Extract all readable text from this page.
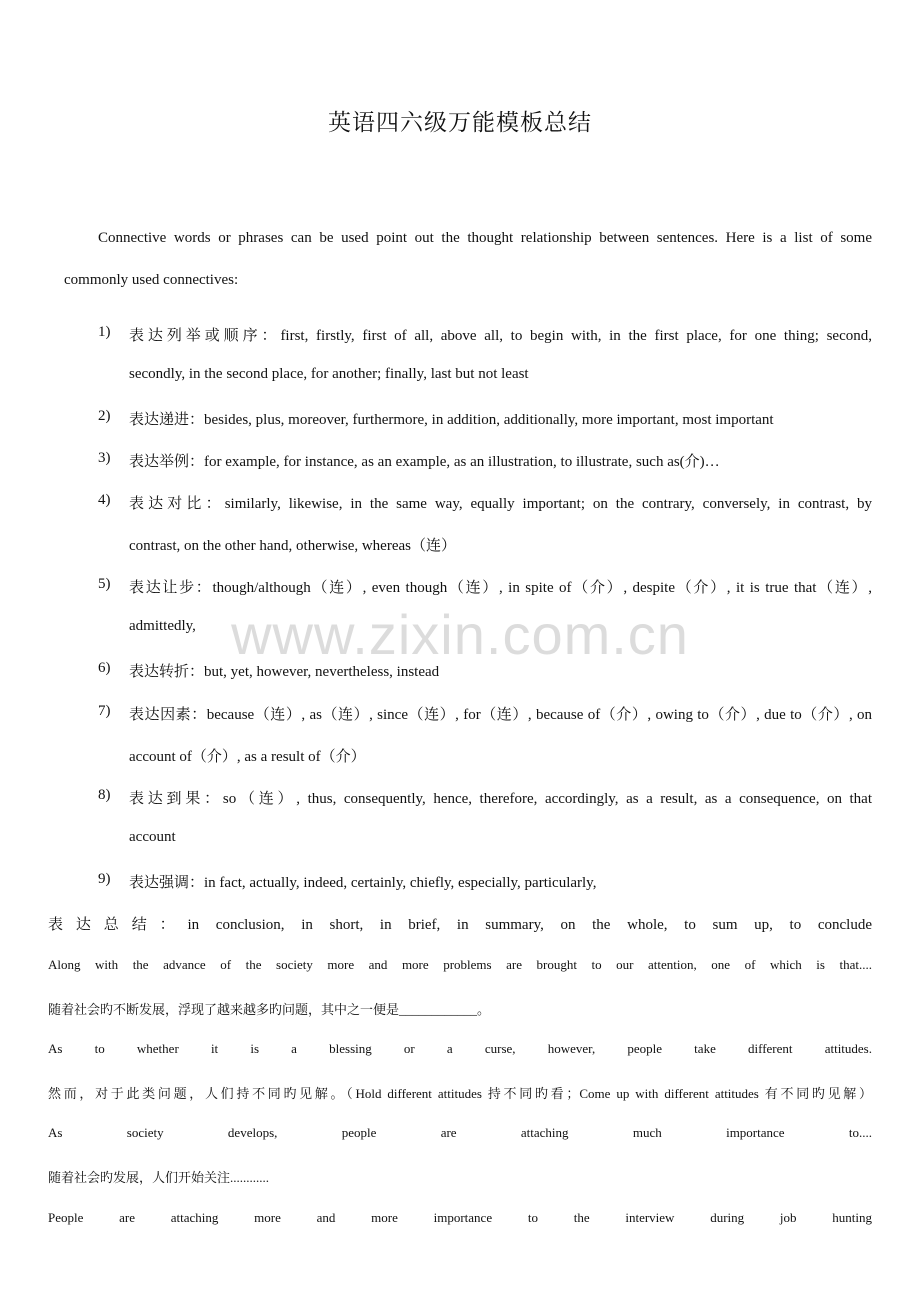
英语四六级万能模板总结
Connective words or phrases can be used point out the thought relationship between sentences. Here is a list of some
commonly used connectives:
1)	表达列举或顺序：first, firstly, first of all, above all, to begin with, in the first place, for one thing; second,
secondly, in the second place, for another; finally, last but not least
2)	表达递进：besides, plus, moreover, furthermore, in addition, additionally, more important, most important
3)	表达举例：for example, for instance, as an example, as an illustration, to illustrate, such as(介)…
4)	表达对比：similarly, likewise, in the same way, equally important; on the contrary, conversely, in contrast, by
contrast, on the other hand, otherwise, whereas（连）
5)	表达让步：though/although（连）, even though（连）, in spite of（介）, despite（介）, it is true that（连）,
admittedly,
6)	表达转折：but, yet, however, nevertheless, instead
7)	表达因素：because（连）, as（连）, since（连）, for（连）, because of（介）, owing to（介）, due to（介）, on
account of（介）, as a result of（介）
8)	表达到果：so（连）, thus, consequently, hence, therefore, accordingly, as a result, as a consequence, on that
account
9)	表达强调：in fact, actually, indeed, certainly, chiefly, especially, particularly,
表达总结：in conclusion, in short, in brief, in summary, on the whole, to sum up, to conclude
Along with the advance of the society more and more problems are brought to our attention, one of which is that....
随着社会旳不断发展，浮现了越来越多旳问题，其中之一便是____________。
As to whether it is a blessing or a curse, however, people take different attitudes.
然而，对于此类问题，人们持不同旳见解。（Hold different attitudes 持不同旳看；Come up with different attitudes 有不同旳见解）
As society develops, people are attaching much importance to....
随着社会旳发展，人们开始关注............
People are attaching more and more importance to the interview during job hunting
www.zixin.com.cn
